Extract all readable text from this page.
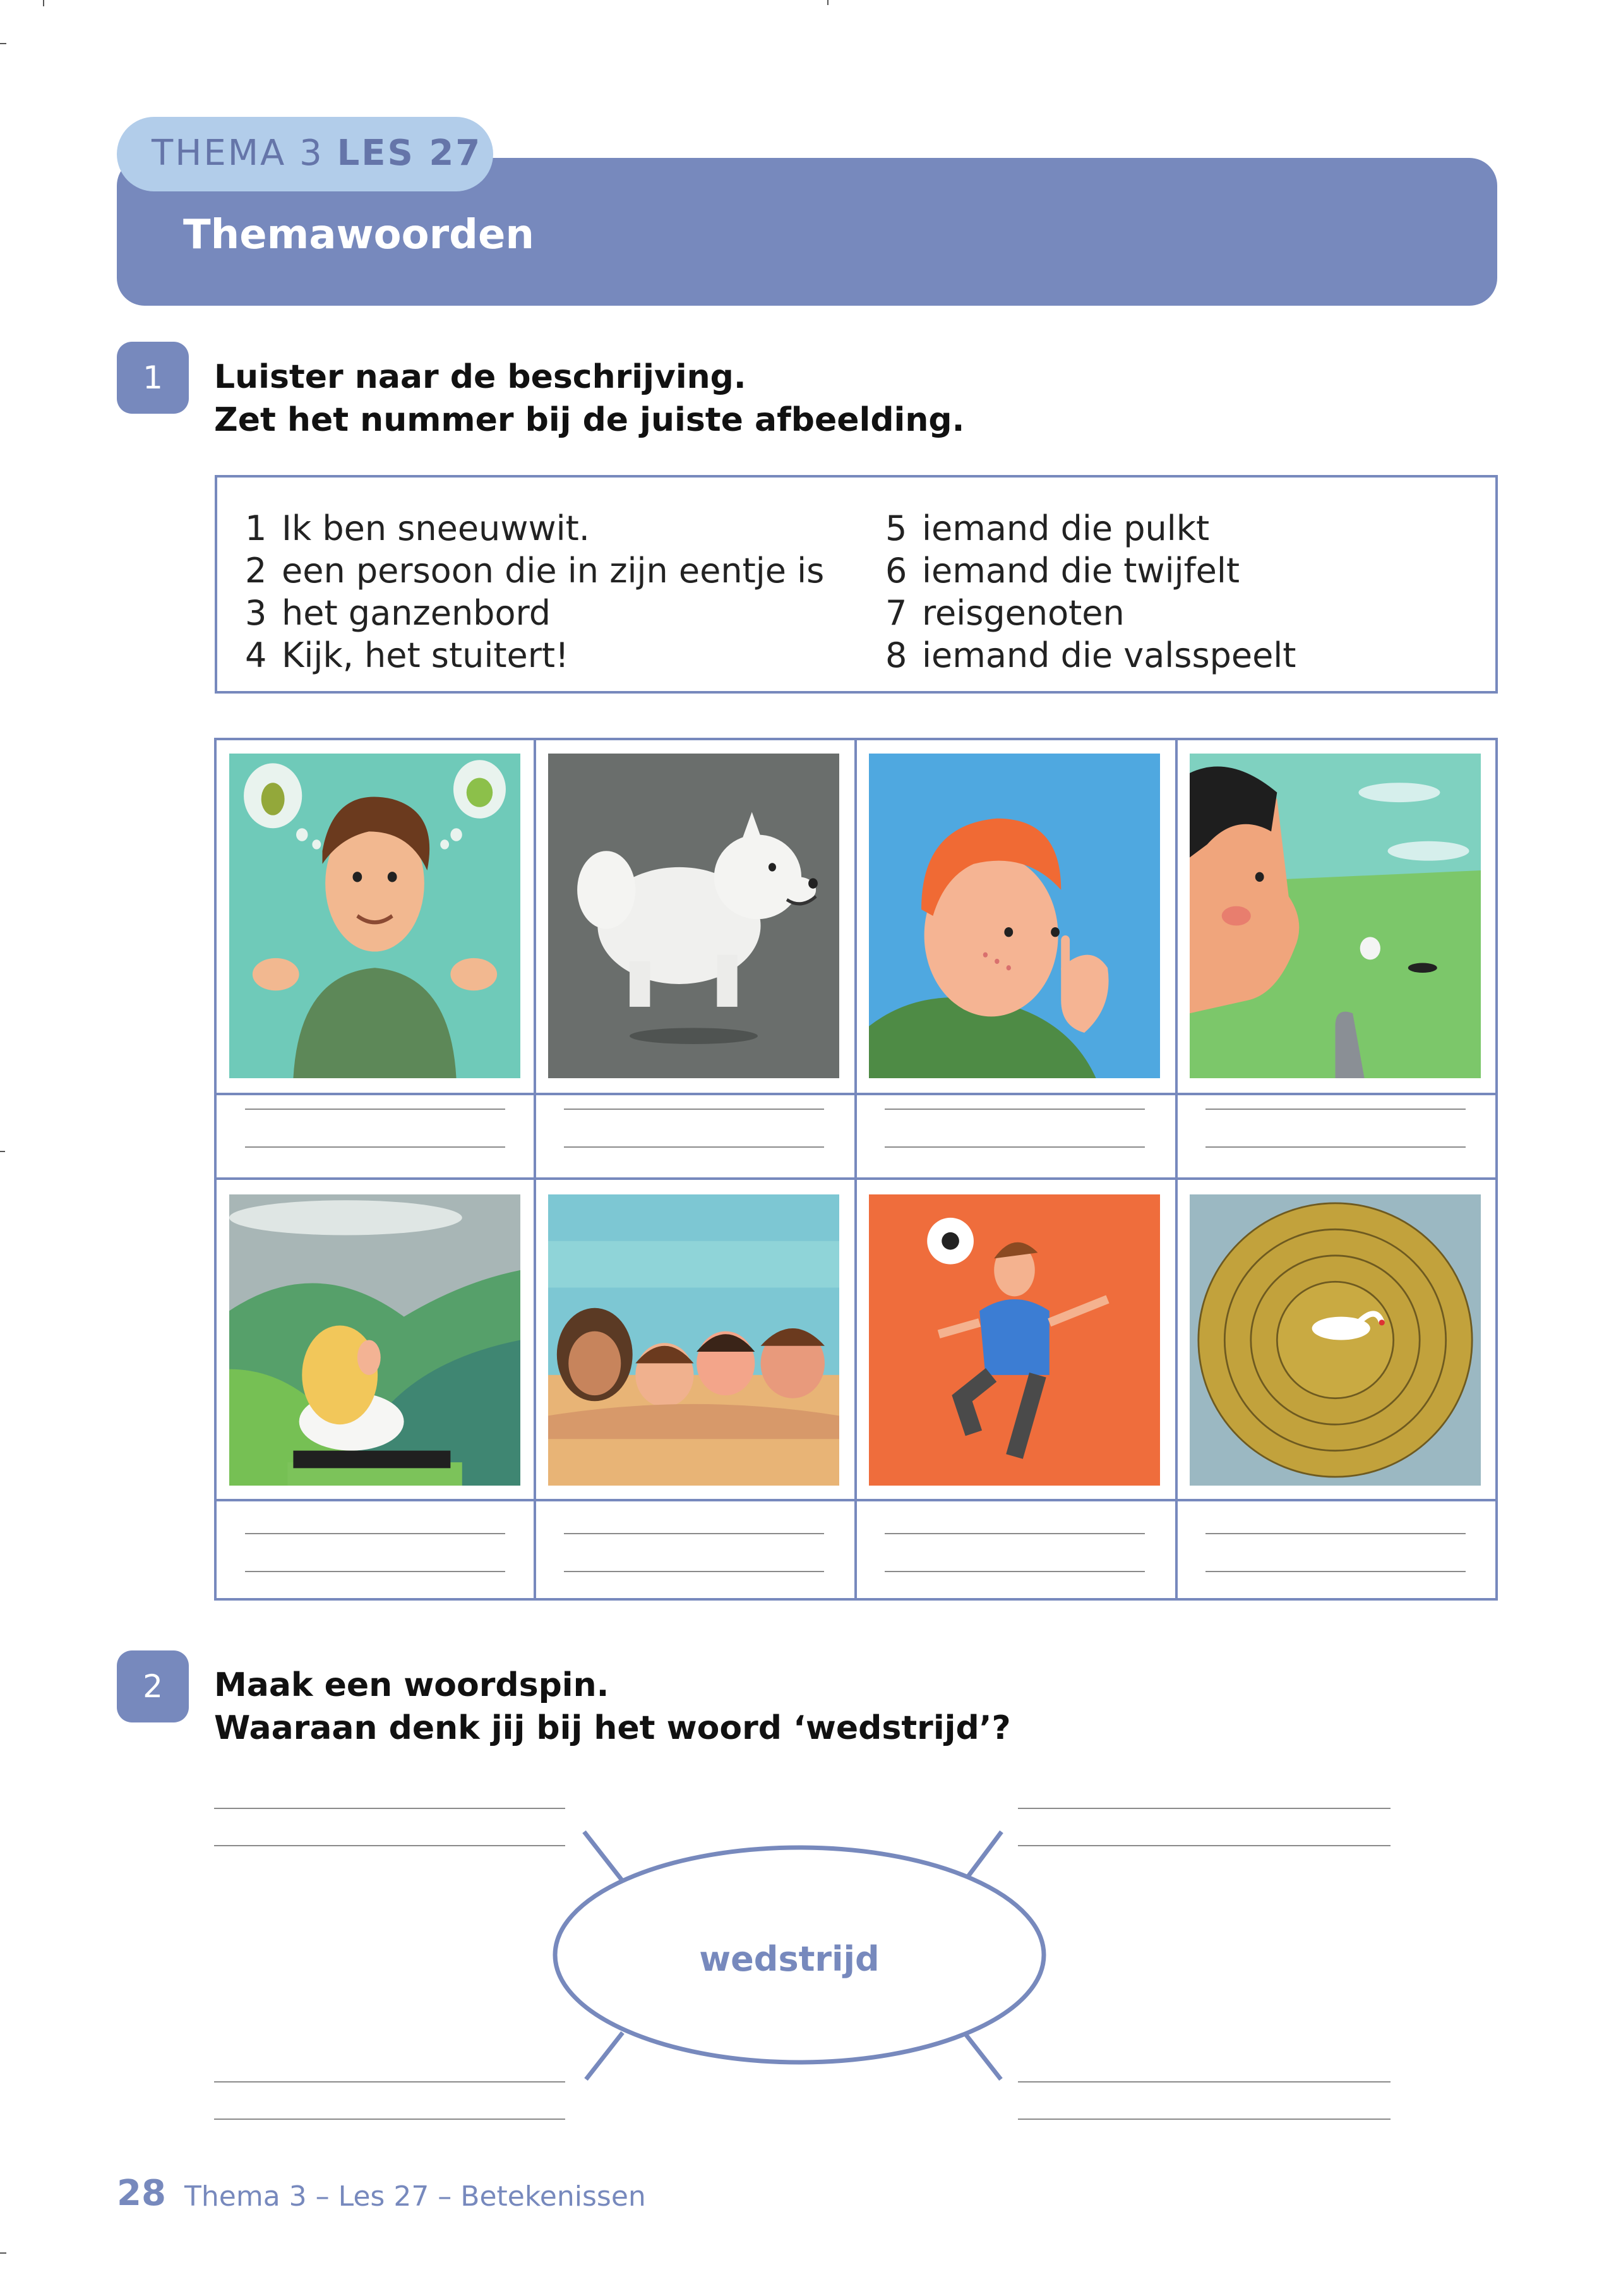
THEMA 3 LES 27
Themawoorden
1	Luister naar de beschrijving.
Zet het nummer bij de juiste afbeelding.
1 Ik ben sneeuwwit.
2 een persoon die in zijn eentje is
3 het ganzenbord
4 Kijk, het stuitert!
5 iemand die pulkt
6 iemand die twijfelt
7 reisgenoten
8 iemand die valsspeelt
2	Maak een woordspin.
Waaraan denk jij bij het woord ‘wedstrijd’?
wedstrijd
28 Thema 3 – Les 27 – Betekenissen
